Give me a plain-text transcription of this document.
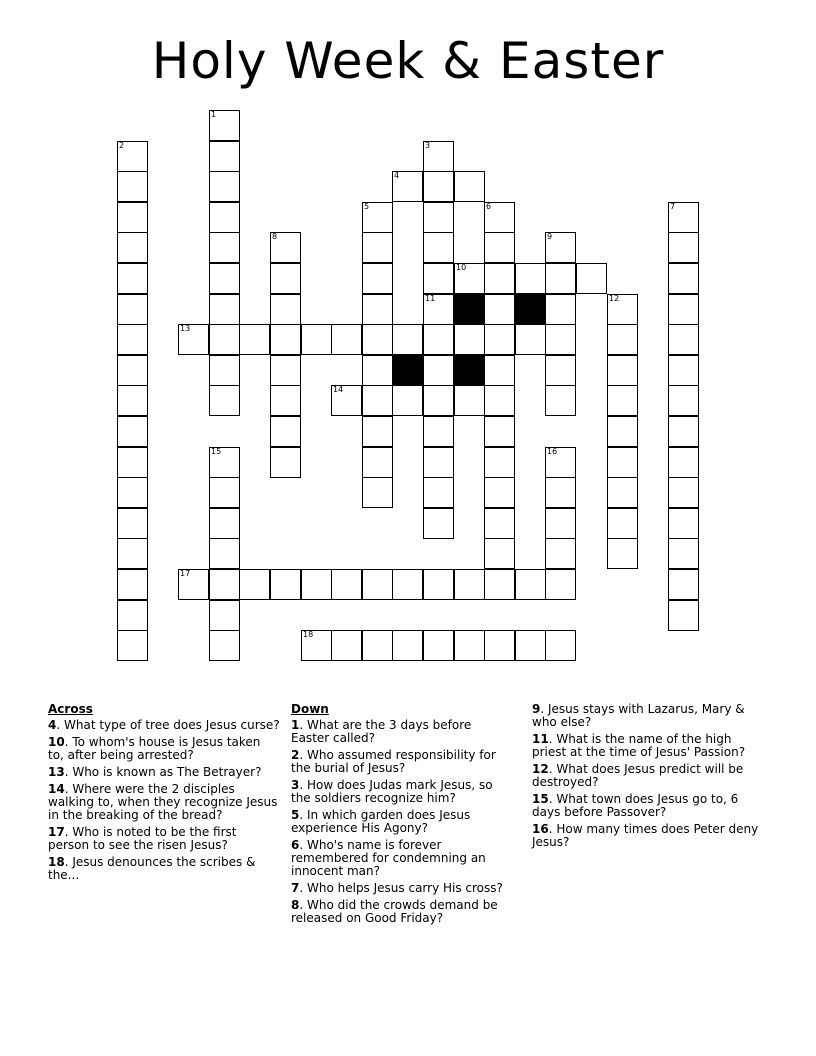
Holy Week & Easter
1
2	3
11
4
5	6	7
8	9
10
12
13
14
15	16
17
18
Across
4. What type of tree does Jesus curse?
10. To whom's house is Jesus taken to, after being arrested?
13. Who is known as The Betrayer?
14. Where were the 2 disciples walking to, when they recognize Jesus in the breaking of the bread?
17. Who is noted to be the first person to see the risen Jesus?
18. Jesus denounces the scribes & the...
Down
1. What are the 3 days before Easter called?
2. Who assumed responsibility for the burial of Jesus?
3. How does Judas mark Jesus, so the soldiers recognize him?
5. In which garden does Jesus experience His Agony?
6. Who's name is forever remembered for condemning an innocent man?
7. Who helps Jesus carry His cross?
8. Who did the crowds demand be released on Good Friday?
9. Jesus stays with Lazarus, Mary & who else?
11. What is the name of the high priest at the time of Jesus' Passion?
12. What does Jesus predict will be destroyed?
15. What town does Jesus go to, 6 days before Passover?
16. How many times does Peter deny Jesus?
